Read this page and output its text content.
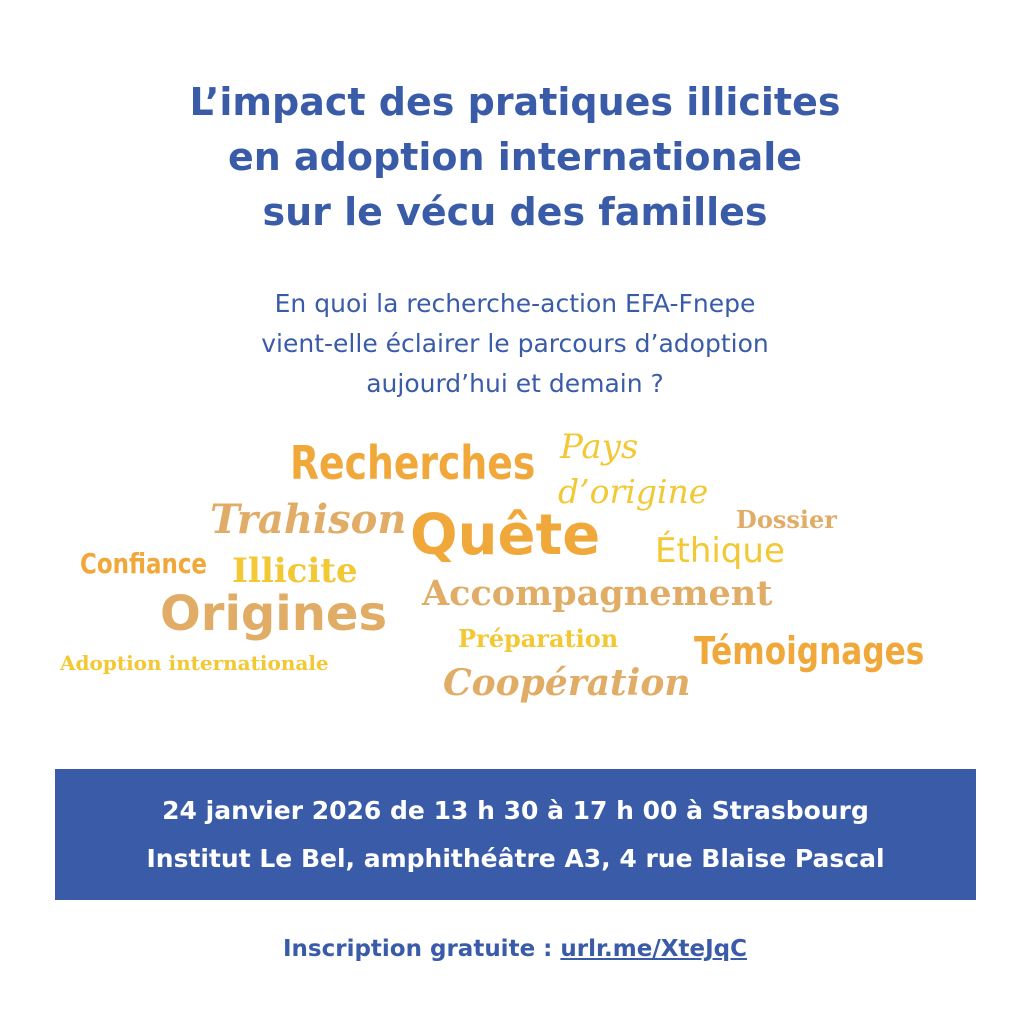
L’impact des pratiques illicites
en adoption internationale
sur le vécu des familles

En quoi la recherche-action EFA-Fnepe
vient-elle éclairer le parcours d’adoption
aujourd’hui et demain ?

Recherches Pays
d’origine
Trahison	Dossier
Quête Éthique
Confiance Illicite
Origines Accompagnement
Préparation Témoignages
Adoption internationale	Coopération
24 janvier 2026 de 13 h 30 à 17 h 00 à Strasbourg
Institut Le Bel, amphithéâtre A3, 4 rue Blaise Pascal
Inscription gratuite : urlr.me/XteJqC
